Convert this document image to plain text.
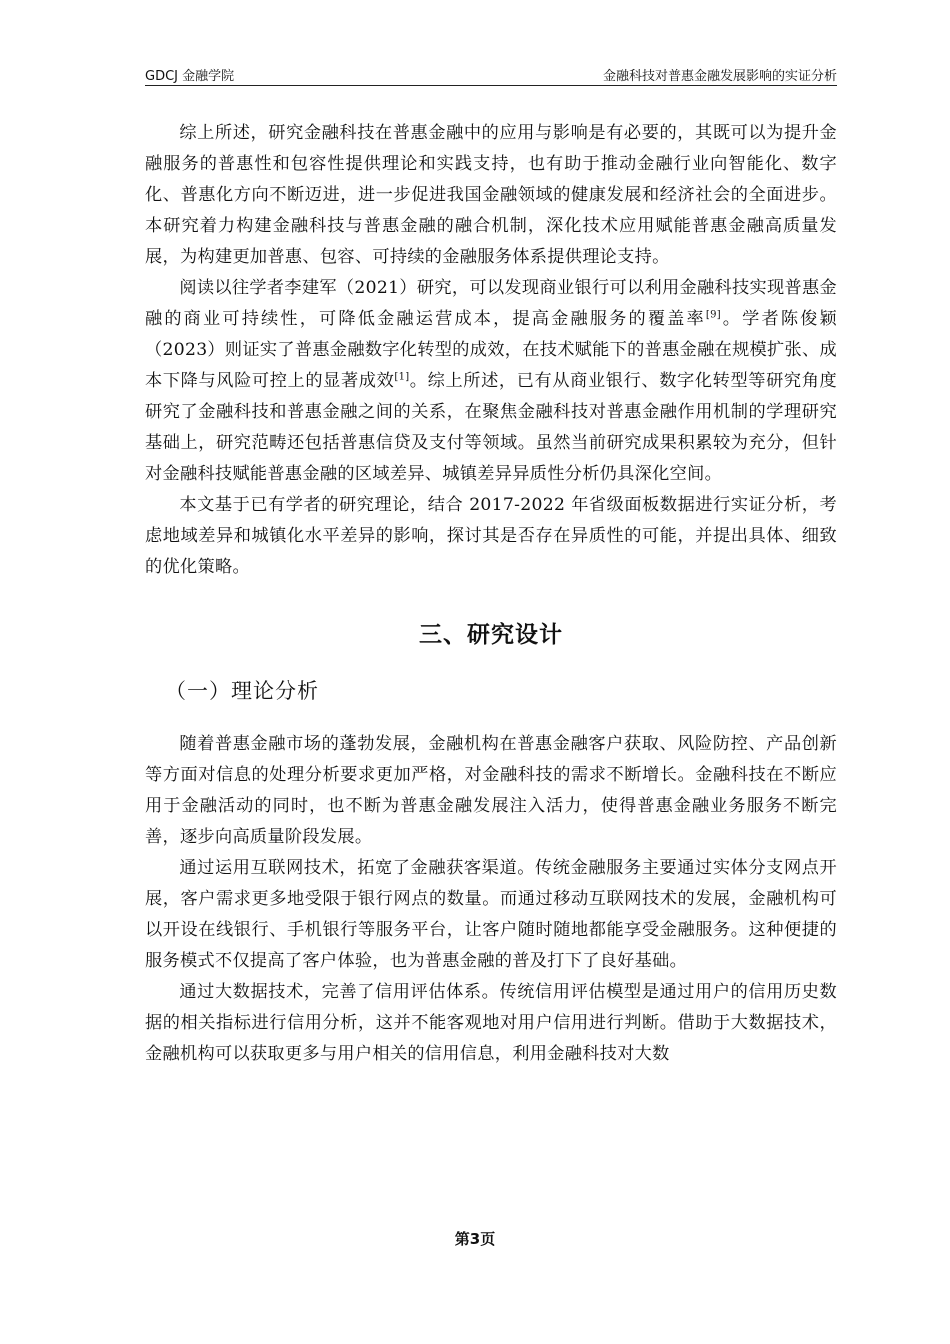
GDCJ 金融学院	金融科技对普惠金融发展影响的实证分析

综上所述，研究金融科技在普惠金融中的应用与影响是有必要的，其既可以为提升金融服务的普惠性和包容性提供理论和实践支持，也有助于推动金融行业向智能化、数字化、普惠化方向不断迈进，进一步促进我国金融领域的健康发展和经济社会的全面进步。本研究着力构建金融科技与普惠金融的融合机制，深化技术应用赋能普惠金融高质量发展，为构建更加普惠、包容、可持续的金融服务体系提供理论支持。

阅读以往学者李建军（2021）研究，可以发现商业银行可以利用金融科技实现普惠金融的商业可持续性，可降低金融运营成本，提高金融服务的覆盖率[9]。学者陈俊颖（2023）则证实了普惠金融数字化转型的成效，在技术赋能下的普惠金融在规模扩张、成本下降与风险可控上的显著成效[1]。综上所述，已有从商业银行、数字化转型等研究角度研究了金融科技和普惠金融之间的关系，在聚焦金融科技对普惠金融作用机制的学理研究基础上，研究范畴还包括普惠信贷及支付等领域。虽然当前研究成果积累较为充分，但针对金融科技赋能普惠金融的区域差异、城镇差异异质性分析仍具深化空间。

本文基于已有学者的研究理论，结合 2017-2022 年省级面板数据进行实证分析，考虑地域差异和城镇化水平差异的影响，探讨其是否存在异质性的可能，并提出具体、细致的优化策略。

三、研究设计
（一）理论分析

随着普惠金融市场的蓬勃发展，金融机构在普惠金融客户获取、风险防控、产品创新等方面对信息的处理分析要求更加严格，对金融科技的需求不断增长。金融科技在不断应用于金融活动的同时，也不断为普惠金融发展注入活力，使得普惠金融业务服务不断完善，逐步向高质量阶段发展。

通过运用互联网技术，拓宽了金融获客渠道。传统金融服务主要通过实体分支网点开展，客户需求更多地受限于银行网点的数量。而通过移动互联网技术的发展，金融机构可以开设在线银行、手机银行等服务平台，让客户随时随地都能享受金融服务。这种便捷的服务模式不仅提高了客户体验，也为普惠金融的普及打下了良好基础。

通过大数据技术，完善了信用评估体系。传统信用评估模型是通过用户的信用历史数据的相关指标进行信用分析，这并不能客观地对用户信用进行判断。借助于大数据技术，金融机构可以获取更多与用户相关的信用信息，利用金融科技对大数

第3页
